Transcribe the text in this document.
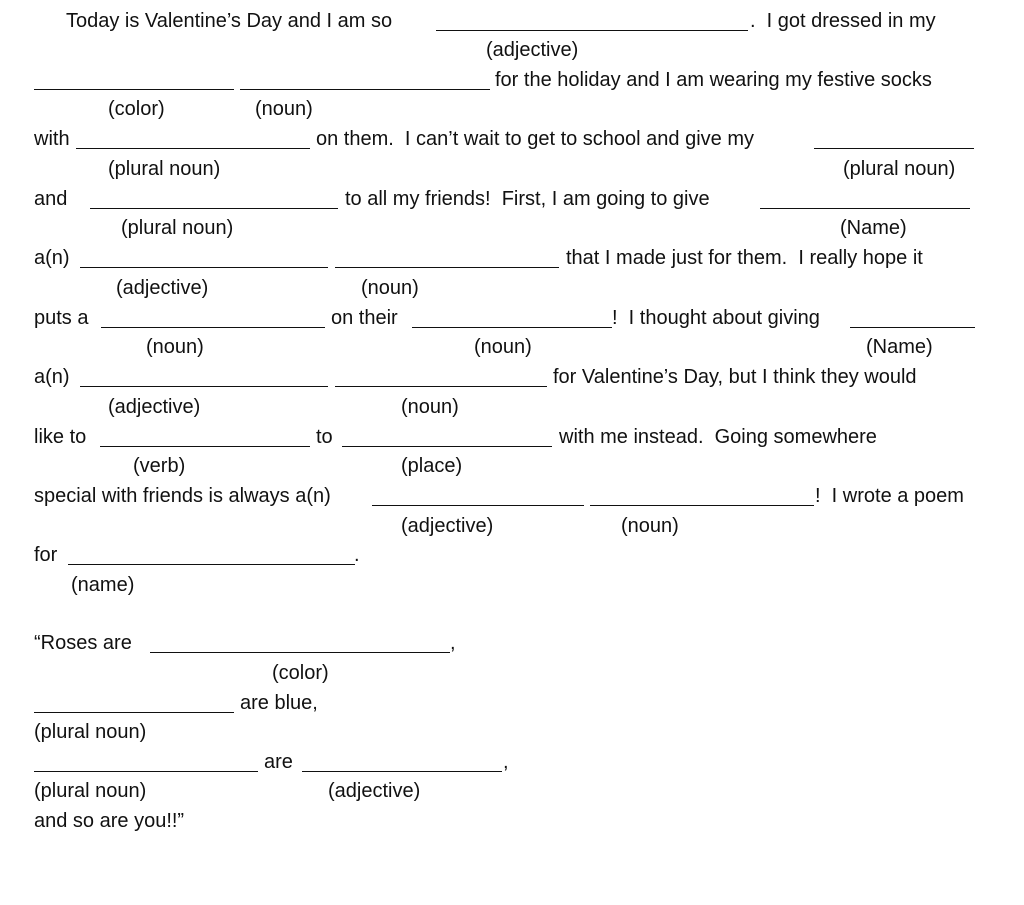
Today is Valentine’s Day and I am so

	.  I got dressed in my

(adjective)

for the holiday and I am wearing my festive socks

(color)

	(noun)

with

	on them.  I can’t wait to get to school and give my

(plural noun)

	(plural noun)

and

	to all my friends!  First, I am going to give

(plural noun)

	(Name)

a(n)

	that I made just for them.  I really hope it

(adjective)

	(noun)

puts a

	on their

	!  I thought about giving

(noun)

	(noun)

	(Name)

a(n)

	for Valentine’s Day, but I think they would

(adjective)

	(noun)

like to

	to

	with me instead.  Going somewhere

(verb)

	(place)

special with friends is always a(n)

	!  I wrote a poem

(adjective)

	(noun)

for

	.

(name)

“Roses are

	,

(color)

are blue,

(plural noun)

are

	,

(plural noun)

	(adjective)

and so are you!!”
